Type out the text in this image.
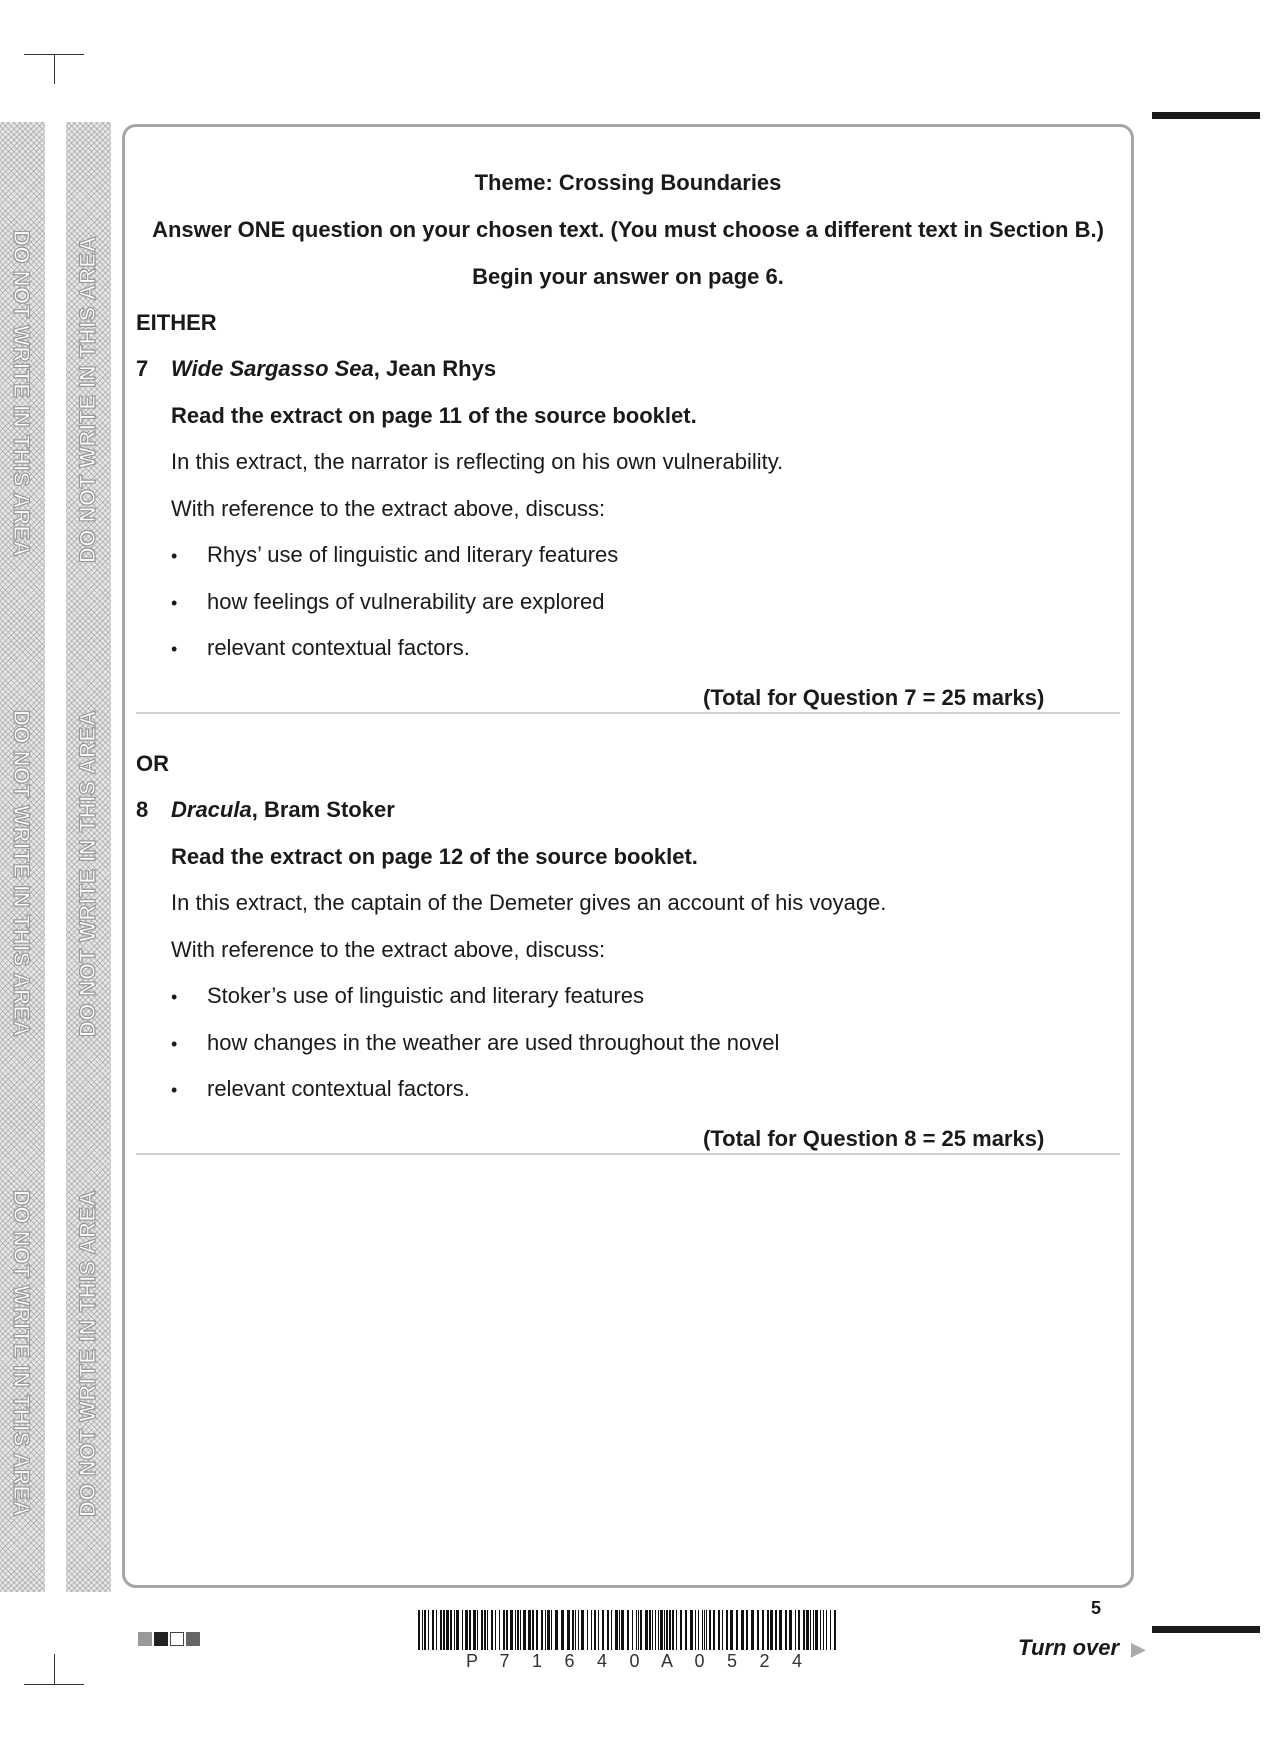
DO NOT WRITE IN THIS AREA
DO NOT WRITE IN THIS AREA
DO NOT WRITE IN THIS AREA
DO NOT WRITE IN THIS AREA
DO NOT WRITE IN THIS AREA
DO NOT WRITE IN THIS AREA
Theme: Crossing Boundaries
Answer ONE question on your chosen text. (You must choose a different text in Section B.)
Begin your answer on page 6.
EITHER
7 Wide Sargasso Sea, Jean Rhys
Read the extract on page 11 of the source booklet.
In this extract, the narrator is reflecting on his own vulnerability.
With reference to the extract above, discuss:
• Rhys’ use of linguistic and literary features
• how feelings of vulnerability are explored
• relevant contextual factors.
(Total for Question 7 = 25 marks)
OR
8 Dracula, Bram Stoker
Read the extract on page 12 of the source booklet.
In this extract, the captain of the Demeter gives an account of his voyage.
With reference to the extract above, discuss:
• Stoker’s use of linguistic and literary features
• how changes in the weather are used throughout the novel
• relevant contextual factors.
(Total for Question 8 = 25 marks)
P	7	1	6	4	0	A	0	5	2	4
5
Turn over ▶
